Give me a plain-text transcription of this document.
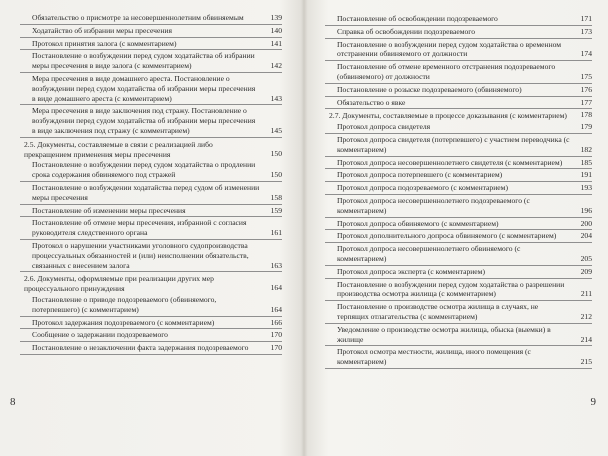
Обязательство о присмотре за несовершеннолетним обвиняемым	139
Ходатайство об избрании меры пресечения	140
Протокол принятия залога (с комментарием)	141
Постановление о возбуждении перед судом ходатайства об избрании меры пресечения в виде залога (с комментарием)	142
Мера пресечения в виде домашнего ареста. Постановление о возбуждении перед судом ходатайства об избрании меры пресечения в виде домашнего ареста (с комментарием)	143
Мера пресечения в виде заключения под стражу. Постановление о возбуждении перед судом ходатайства об избрании меры пресечения в виде заключения под стражу (с комментарием)	145
2.5. Документы, составляемые в связи с реализацией либо прекращением применения меры пресечения	150
Постановление о возбуждении перед судом ходатайства о продлении срока содержания обвиняемого под стражей	150
Постановление о возбуждении ходатайства перед судом об изменении меры пресечения	158
Постановление об изменении меры пресечения	159
Постановление об отмене меры пресечения, избранной с согласия руководителя следственного органа	161
Протокол о нарушении участниками уголовного судопроизводства процессуальных обязанностей и (или) неисполнении обязательств, связанных с внесением залога	163
2.6. Документы, оформляемые при реализации других мер процессуального принуждения	164
Постановление о приводе подозреваемого (обвиняемого, потерпевшего) (с комментарием)	164
Протокол задержания подозреваемого (с комментарием)	166
Сообщение о задержании подозреваемого	170
Постановление о незаключении факта задержания подозреваемого	170
8
Постановление об освобождении подозреваемого	171
Справка об освобождении подозреваемого	173
Постановление о возбуждении перед судом ходатайства о временном отстранении обвиняемого от должности	174
Постановление об отмене временного отстранения подозреваемого (обвиняемого) от должности	175
Постановление о розыске подозреваемого (обвиняемого)	176
Обязательство о явке	177
2.7. Документы, составляемые в процессе доказывания (с комментарием)	178
Протокол допроса свидетеля	179
Протокол допроса свидетеля (потерпевшего) с участием переводчика (с комментарием)	182
Протокол допроса несовершеннолетнего свидетеля (с комментарием)	185
Протокол допроса потерпевшего (с комментарием)	191
Протокол допроса подозреваемого (с комментарием)	193
Протокол допроса несовершеннолетнего подозреваемого (с комментарием)	196
Протокол допроса обвиняемого (с комментарием)	200
Протокол дополнительного допроса обвиняемого (с комментарием)	204
Протокол допроса несовершеннолетнего обвиняемого (с комментарием)	205
Протокол допроса эксперта (с комментарием)	209
Постановление о возбуждении перед судом ходатайства о разрешении производства осмотра жилища (с комментарием)	211
Постановление о производстве осмотра жилища в случаях, не терпящих отлагательства (с комментарием)	212
Уведомление о производстве осмотра жилища, обыска (выемки) в жилище	214
Протокол осмотра местности, жилища, иного помещения (с комментарием)	215
9
